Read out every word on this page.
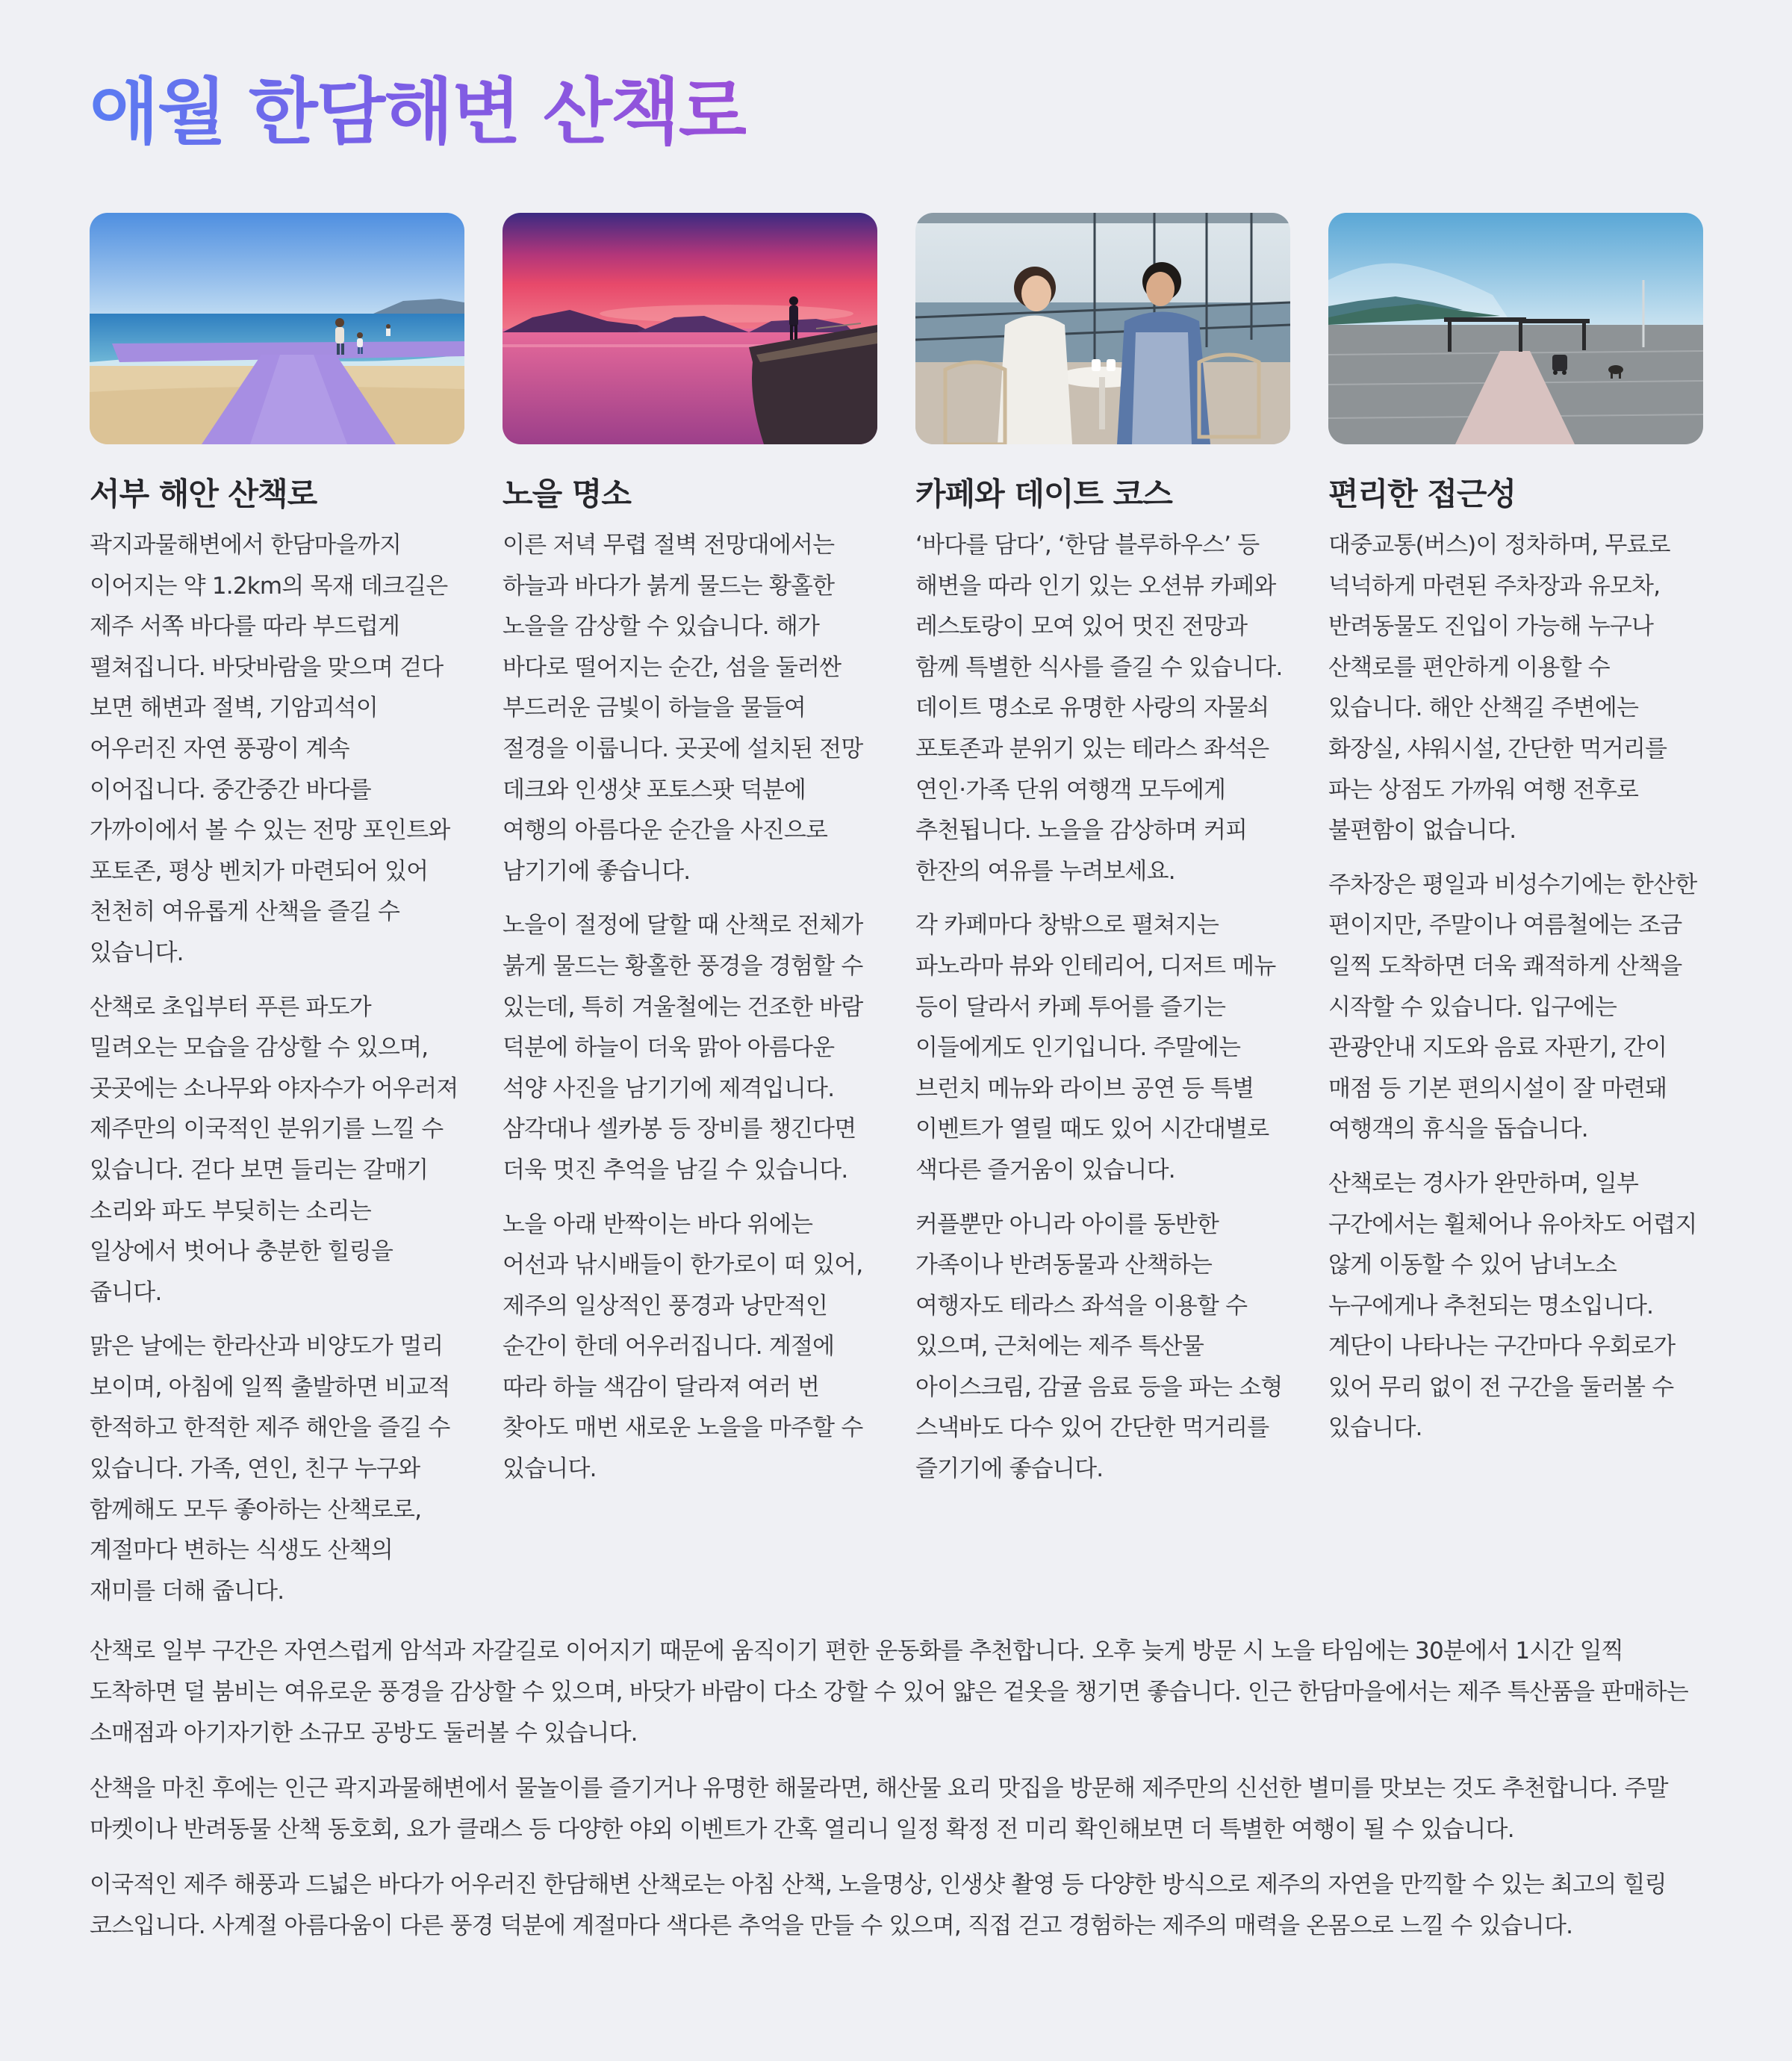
애월 한담해변 산책로
서부 해안 산책로

곽지과물해변에서 한담마을까지 이어지는 약 1.2km의 목재 데크길은 제주 서쪽 바다를 따라 부드럽게 펼쳐집니다. 바닷바람을 맞으며 걷다 보면 해변과 절벽, 기암괴석이 어우러진 자연 풍광이 계속 이어집니다. 중간중간 바다를 가까이에서 볼 수 있는 전망 포인트와 포토존, 평상 벤치가 마련되어 있어 천천히 여유롭게 산책을 즐길 수 있습니다.

산책로 초입부터 푸른 파도가 밀려오는 모습을 감상할 수 있으며, 곳곳에는 소나무와 야자수가 어우러져 제주만의 이국적인 분위기를 느낄 수 있습니다. 걷다 보면 들리는 갈매기 소리와 파도 부딪히는 소리는 일상에서 벗어나 충분한 힐링을 줍니다.

맑은 날에는 한라산과 비양도가 멀리 보이며, 아침에 일찍 출발하면 비교적 한적하고 한적한 제주 해안을 즐길 수 있습니다. 가족, 연인, 친구 누구와 함께해도 모두 좋아하는 산책로로, 계절마다 변하는 식생도 산책의 재미를 더해 줍니다.

노을 명소

이른 저녁 무렵 절벽 전망대에서는 하늘과 바다가 붉게 물드는 황홀한 노을을 감상할 수 있습니다. 해가 바다로 떨어지는 순간, 섬을 둘러싼 부드러운 금빛이 하늘을 물들여 절경을 이룹니다. 곳곳에 설치된 전망 데크와 인생샷 포토스팟 덕분에 여행의 아름다운 순간을 사진으로 남기기에 좋습니다.

노을이 절정에 달할 때 산책로 전체가 붉게 물드는 황홀한 풍경을 경험할 수 있는데, 특히 겨울철에는 건조한 바람 덕분에 하늘이 더욱 맑아 아름다운 석양 사진을 남기기에 제격입니다. 삼각대나 셀카봉 등 장비를 챙긴다면 더욱 멋진 추억을 남길 수 있습니다.

노을 아래 반짝이는 바다 위에는 어선과 낚시배들이 한가로이 떠 있어, 제주의 일상적인 풍경과 낭만적인 순간이 한데 어우러집니다. 계절에 따라 하늘 색감이 달라져 여러 번 찾아도 매번 새로운 노을을 마주할 수 있습니다.

카페와 데이트 코스

‘바다를 담다’, ‘한담 블루하우스’ 등 해변을 따라 인기 있는 오션뷰 카페와 레스토랑이 모여 있어 멋진 전망과 함께 특별한 식사를 즐길 수 있습니다. 데이트 명소로 유명한 사랑의 자물쇠 포토존과 분위기 있는 테라스 좌석은 연인·가족 단위 여행객 모두에게 추천됩니다. 노을을 감상하며 커피 한잔의 여유를 누려보세요.

각 카페마다 창밖으로 펼쳐지는 파노라마 뷰와 인테리어, 디저트 메뉴 등이 달라서 카페 투어를 즐기는 이들에게도 인기입니다. 주말에는 브런치 메뉴와 라이브 공연 등 특별 이벤트가 열릴 때도 있어 시간대별로 색다른 즐거움이 있습니다.

커플뿐만 아니라 아이를 동반한 가족이나 반려동물과 산책하는 여행자도 테라스 좌석을 이용할 수 있으며, 근처에는 제주 특산물 아이스크림, 감귤 음료 등을 파는 소형 스낵바도 다수 있어 간단한 먹거리를 즐기기에 좋습니다.

편리한 접근성

대중교통(버스)이 정차하며, 무료로 넉넉하게 마련된 주차장과 유모차, 반려동물도 진입이 가능해 누구나 산책로를 편안하게 이용할 수 있습니다. 해안 산책길 주변에는 화장실, 샤워시설, 간단한 먹거리를 파는 상점도 가까워 여행 전후로 불편함이 없습니다.

주차장은 평일과 비성수기에는 한산한 편이지만, 주말이나 여름철에는 조금 일찍 도착하면 더욱 쾌적하게 산책을 시작할 수 있습니다. 입구에는 관광안내 지도와 음료 자판기, 간이 매점 등 기본 편의시설이 잘 마련돼 여행객의 휴식을 돕습니다.

산책로는 경사가 완만하며, 일부 구간에서는 휠체어나 유아차도 어렵지 않게 이동할 수 있어 남녀노소 누구에게나 추천되는 명소입니다. 계단이 나타나는 구간마다 우회로가 있어 무리 없이 전 구간을 둘러볼 수 있습니다.

산책로 일부 구간은 자연스럽게 암석과 자갈길로 이어지기 때문에 움직이기 편한 운동화를 추천합니다. 오후 늦게 방문 시 노을 타임에는 30분에서 1시간 일찍 도착하면 덜 붐비는 여유로운 풍경을 감상할 수 있으며, 바닷가 바람이 다소 강할 수 있어 얇은 겉옷을 챙기면 좋습니다. 인근 한담마을에서는 제주 특산품을 판매하는 소매점과 아기자기한 소규모 공방도 둘러볼 수 있습니다.

산책을 마친 후에는 인근 곽지과물해변에서 물놀이를 즐기거나 유명한 해물라면, 해산물 요리 맛집을 방문해 제주만의 신선한 별미를 맛보는 것도 추천합니다. 주말 마켓이나 반려동물 산책 동호회, 요가 클래스 등 다양한 야외 이벤트가 간혹 열리니 일정 확정 전 미리 확인해보면 더 특별한 여행이 될 수 있습니다.

이국적인 제주 해풍과 드넓은 바다가 어우러진 한담해변 산책로는 아침 산책, 노을명상, 인생샷 촬영 등 다양한 방식으로 제주의 자연을 만끽할 수 있는 최고의 힐링 코스입니다. 사계절 아름다움이 다른 풍경 덕분에 계절마다 색다른 추억을 만들 수 있으며, 직접 걷고 경험하는 제주의 매력을 온몸으로 느낄 수 있습니다.
